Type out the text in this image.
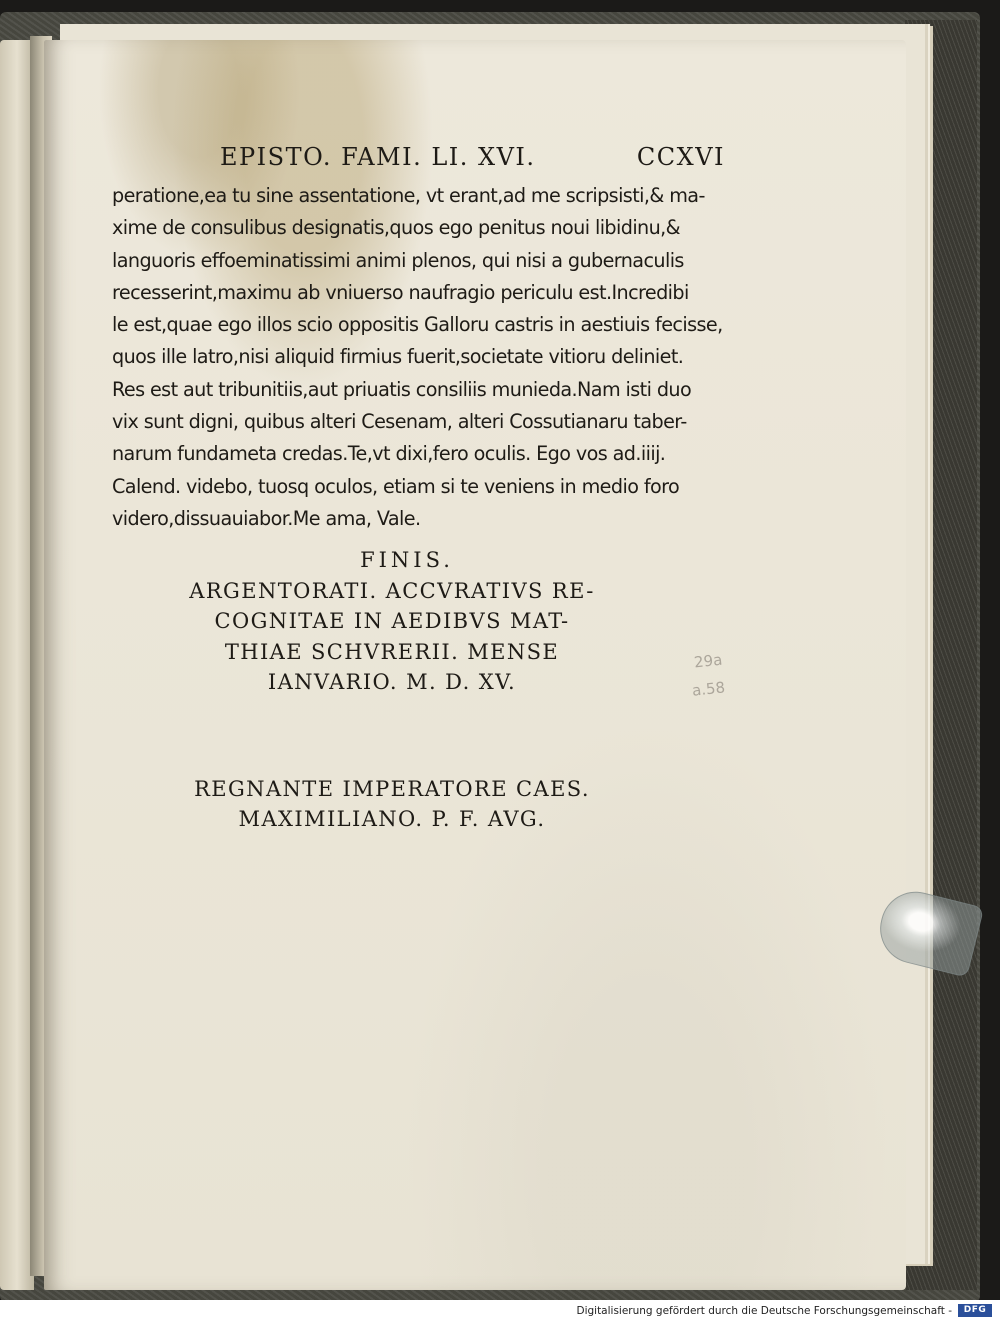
EPISTO. FAMI. LI. XVI.	CCXVI
peratione,ea tu sine assentatione, vt erant,ad me scripsisti,& ma-
xime de consulibus designatis,quos ego penitus noui libidinu,&
languoris effoeminatissimi animi plenos, qui nisi a gubernaculis
recesserint,maximu ab vniuerso naufragio periculu est.Incredibi
le est,quae ego illos scio oppositis Galloru castris in aestiuis fecisse,
quos ille latro,nisi aliquid firmius fuerit,societate vitioru deliniet.
Res est aut tribunitiis,aut priuatis consiliis munieda.Nam isti duo
vix sunt digni, quibus alteri Cesenam, alteri Cossutianaru taber-
narum fundameta credas.Te,vt dixi,fero oculis. Ego vos ad.iiij.
Calend. videbo, tuosq oculos, etiam si te veniens in medio foro
videro,dissuauiabor.Me ama, Vale.
FINIS.
ARGENTORATI. ACCVRATIVS RE-
COGNITAE IN AEDIBVS MAT-
THIAE SCHVRERII. MENSE
IANVARIO. M. D. XV.
REGNANTE IMPERATORE CAES.
MAXIMILIANO. P. F. AVG.
29a
a.58
Digitalisierung gefördert durch die Deutsche Forschungsgemeinschaft -	DFG
